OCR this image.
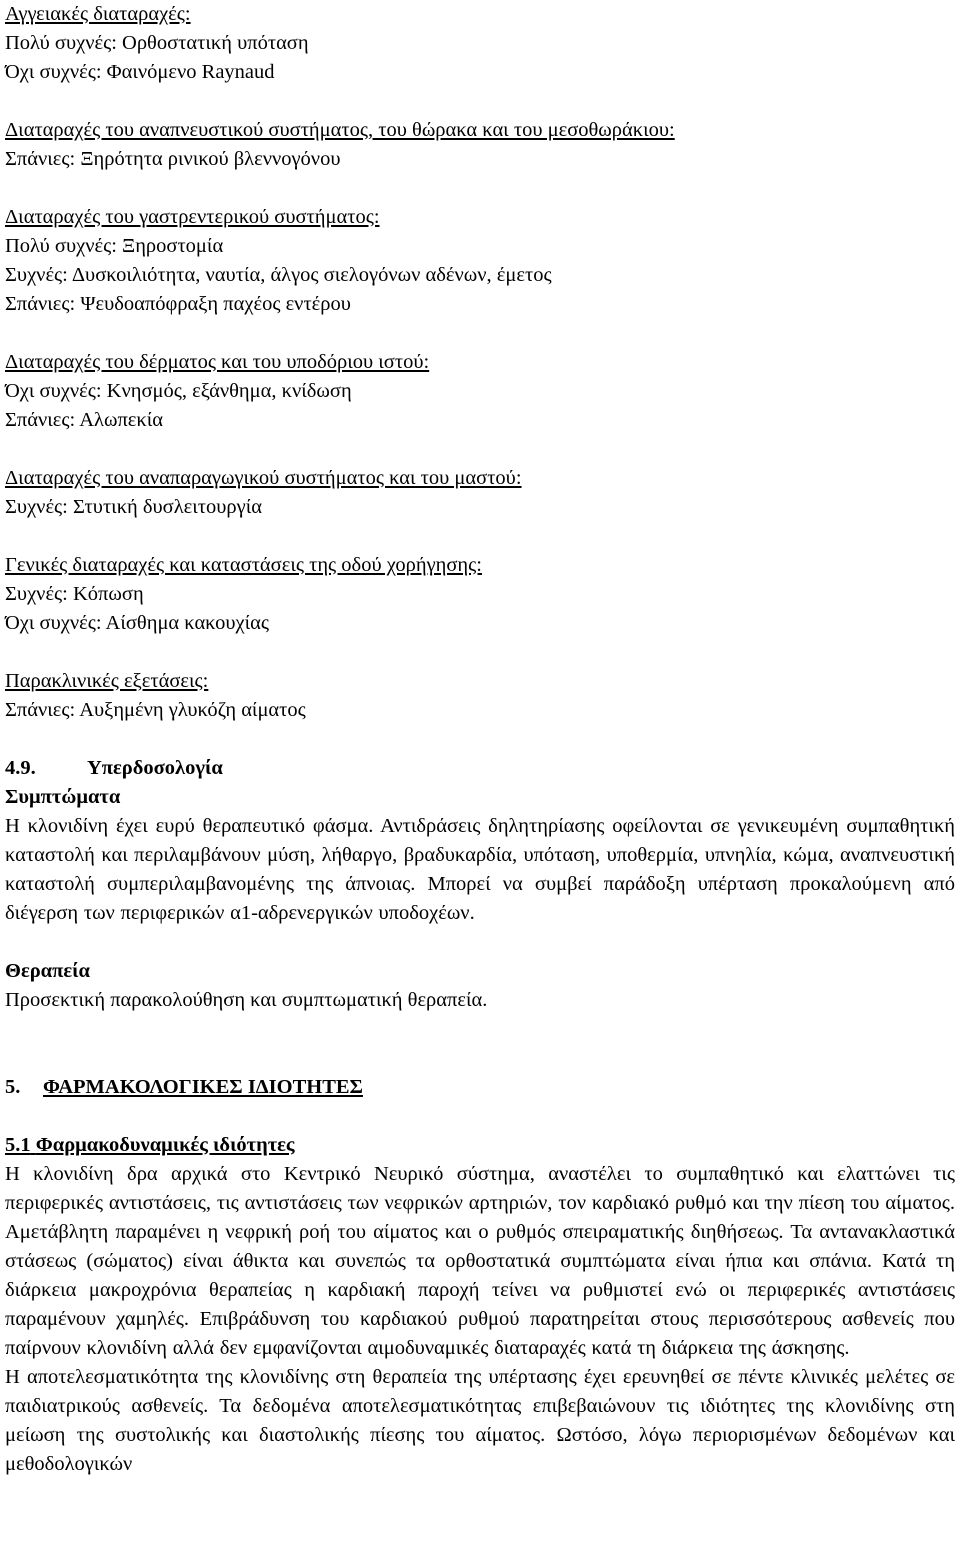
Αγγειακές διαταραχές:
Πολύ συχνές: Ορθοστατική υπόταση
Όχι συχνές: Φαινόμενο Raynaud
Διαταραχές του αναπνευστικού συστήματος, του θώρακα και του μεσοθωράκιου:
Σπάνιες: Ξηρότητα ρινικού βλεννογόνου
Διαταραχές του γαστρεντερικού συστήματος:
Πολύ συχνές: Ξηροστομία
Συχνές: Δυσκοιλιότητα, ναυτία, άλγος σιελογόνων αδένων, έμετος
Σπάνιες: Ψευδοαπόφραξη παχέος εντέρου
Διαταραχές του δέρματος και του υποδόριου ιστού:
Όχι συχνές: Κνησμός, εξάνθημα, κνίδωση
Σπάνιες: Αλωπεκία
Διαταραχές του αναπαραγωγικού συστήματος και του μαστού:
Συχνές: Στυτική δυσλειτουργία
Γενικές διαταραχές και καταστάσεις της οδού χορήγησης:
Συχνές: Κόπωση
Όχι συχνές: Αίσθημα κακουχίας
Παρακλινικές εξετάσεις:
Σπάνιες: Αυξημένη γλυκόζη αίματος
4.9.	Υπερδοσολογία
Συμπτώματα
Η κλονιδίνη έχει ευρύ θεραπευτικό φάσμα. Αντιδράσεις δηλητηρίασης οφείλονται σε γενικευμένη συμπαθητική καταστολή και περιλαμβάνουν μύση, λήθαργο, βραδυκαρδία, υπόταση, υποθερμία, υπνηλία, κώμα, αναπνευστική καταστολή συμπεριλαμβανομένης της άπνοιας. Μπορεί να συμβεί παράδοξη υπέρταση προκαλούμενη από διέγερση των περιφερικών α1-αδρενεργικών υποδοχέων.
Θεραπεία
Προσεκτική παρακολούθηση και συμπτωματική θεραπεία.
5. ΦΑΡΜΑΚΟΛΟΓΙΚΕΣ ΙΔΙΟΤΗΤΕΣ
5.1 Φαρμακοδυναμικές ιδιότητες
Η κλονιδίνη δρα αρχικά στο Κεντρικό Νευρικό σύστημα, αναστέλει το συμπαθητικό και ελαττώνει τις περιφερικές αντιστάσεις, τις αντιστάσεις των νεφρικών αρτηριών, τον καρδιακό ρυθμό και την πίεση του αίματος. Αμετάβλητη παραμένει η νεφρική ροή του αίματος και ο ρυθμός σπειραματικής διηθήσεως. Τα αντανακλαστικά στάσεως (σώματος) είναι άθικτα και συνεπώς τα ορθοστατικά συμπτώματα είναι ήπια και σπάνια. Κατά τη διάρκεια μακροχρόνια θεραπείας η καρδιακή παροχή τείνει να ρυθμιστεί ενώ οι περιφερικές αντιστάσεις παραμένουν χαμηλές. Επιβράδυνση του καρδιακού ρυθμού παρατηρείται στους περισσότερους ασθενείς που παίρνουν κλονιδίνη αλλά δεν εμφανίζονται αιμοδυναμικές διαταραχές κατά τη διάρκεια της άσκησης.
Η αποτελεσματικότητα της κλονιδίνης στη θεραπεία της υπέρτασης έχει ερευνηθεί σε πέντε κλινικές μελέτες σε παιδιατρικούς ασθενείς. Τα δεδομένα αποτελεσματικότητας επιβεβαιώνουν τις ιδιότητες της κλονιδίνης στη μείωση της συστολικής και διαστολικής πίεσης του αίματος. Ωστόσο, λόγω περιορισμένων δεδομένων και μεθοδολογικών
